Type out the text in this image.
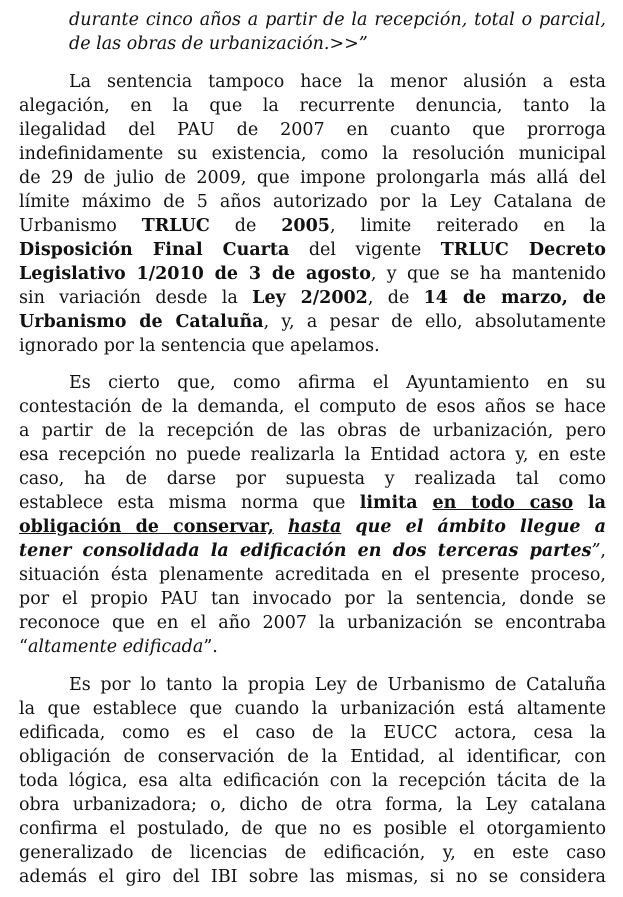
durante cinco años a partir de la recepción, total o parcial,
de las obras de urbanización.>>”
La sentencia tampoco hace la menor alusión a esta
alegación, en la que la recurrente denuncia, tanto la
ilegalidad del PAU de 2007 en cuanto que prorroga
indefinidamente su existencia, como la resolución municipal
de 29 de julio de 2009, que impone prolongarla más allá del
límite máximo de 5 años autorizado por la Ley Catalana de
Urbanismo TRLUC de 2005, limite reiterado en la
Disposición Final Cuarta del vigente TRLUC Decreto
Legislativo 1/2010 de 3 de agosto, y que se ha mantenido
sin variación desde la Ley 2/2002, de 14 de marzo, de
Urbanismo de Cataluña, y, a pesar de ello, absolutamente
ignorado por la sentencia que apelamos.
Es cierto que, como afirma el Ayuntamiento en su
contestación de la demanda, el computo de esos años se hace
a partir de la recepción de las obras de urbanización, pero
esa recepción no puede realizarla la Entidad actora y, en este
caso, ha de darse por supuesta y realizada tal como
establece esta misma norma que limita en todo caso la
obligación de conservar, hasta que el ámbito llegue a
tener consolidada la edificación en dos terceras partes”,
situación ésta plenamente acreditada en el presente proceso,
por el propio PAU tan invocado por la sentencia, donde se
reconoce que en el año 2007 la urbanización se encontraba
“altamente edificada”.
Es por lo tanto la propia Ley de Urbanismo de Cataluña
la que establece que cuando la urbanización está altamente
edificada, como es el caso de la EUCC actora, cesa la
obligación de conservación de la Entidad, al identificar, con
toda lógica, esa alta edificación con la recepción tácita de la
obra urbanizadora; o, dicho de otra forma, la Ley catalana
confirma el postulado, de que no es posible el otorgamiento
generalizado de licencias de edificación, y, en este caso
además el giro del IBI sobre las mismas, si no se considera
